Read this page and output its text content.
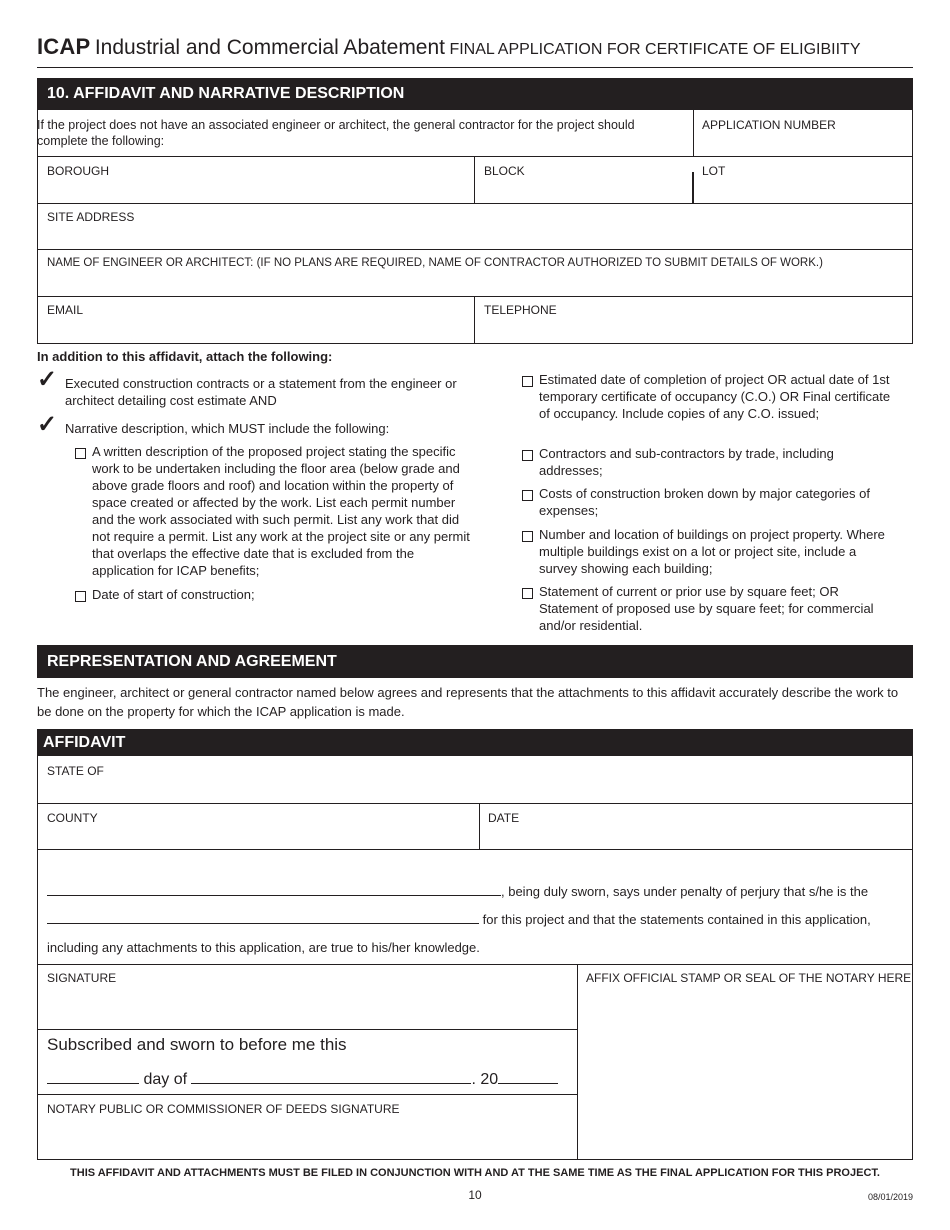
ICAP Industrial and Commercial Abatement FINAL APPLICATION FOR CERTIFICATE OF ELIGIBIITY
10. AFFIDAVIT AND NARRATIVE DESCRIPTION
If the project does not have an associated engineer or architect, the general contractor for the project should complete the following:
APPLICATION NUMBER
BOROUGH	BLOCK	LOT
SITE ADDRESS
NAME OF ENGINEER OR ARCHITECT: (IF NO PLANS ARE REQUIRED, NAME OF CONTRACTOR AUTHORIZED TO SUBMIT DETAILS OF WORK.)
EMAIL	TELEPHONE
In addition to this affidavit, attach the following:
✓ Executed construction contracts or a statement from the engineer or architect detailing cost estimate AND
✓ Narrative description, which MUST include the following:
A written description of the proposed project stating the specific work to be undertaken including the floor area (below grade and above grade floors and roof) and location within the property of space created or affected by the work. List each permit number and the work associated with such permit. List any work that did not require a permit. List any work at the project site or any permit that overlaps the effective date that is excluded from the application for ICAP benefits;
Date of start of construction;
Estimated date of completion of project OR actual date of 1st temporary certificate of occupancy (C.O.) OR Final certificate of occupancy. Include copies of any C.O. issued;
Contractors and sub-contractors by trade, including addresses;
Costs of construction broken down by major categories of expenses;
Number and location of buildings on project property. Where multiple buildings exist on a lot or project site, include a survey showing each building;
Statement of current or prior use by square feet; OR Statement of proposed use by square feet; for commercial and/or residential.
REPRESENTATION AND AGREEMENT
The engineer, architect or general contractor named below agrees and represents that the attachments to this affidavit accurately describe the work to be done on the property for which the ICAP application is made.
AFFIDAVIT
STATE OF
COUNTY	DATE
, being duly sworn, says under penalty of perjury that s/he is the
for this project and that the statements contained in this application,
including any attachments to this application, are true to his/her knowledge.
SIGNATURE	AFFIX OFFICIAL STAMP OR SEAL OF THE NOTARY HERE
Subscribed and sworn to before me this
day of	. 20
NOTARY PUBLIC OR COMMISSIONER OF DEEDS SIGNATURE
THIS AFFIDAVIT AND ATTACHMENTS MUST BE FILED IN CONJUNCTION WITH AND AT THE SAME TIME AS THE FINAL APPLICATION FOR THIS PROJECT.
10	08/01/2019
